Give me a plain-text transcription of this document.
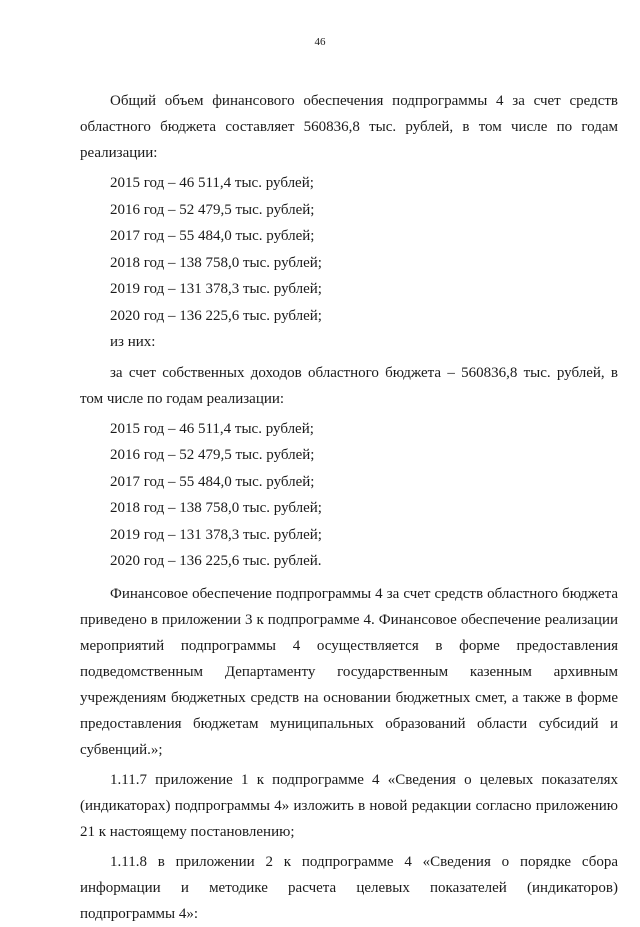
46

Общий объем финансового обеспечения подпрограммы 4 за счет средств областного бюджета составляет 560836,8 тыс. рублей, в том числе по годам реализации:

2015 год – 46 511,4 тыс. рублей;

2016 год – 52 479,5 тыс. рублей;

2017 год – 55 484,0 тыс. рублей;

2018 год – 138 758,0 тыс. рублей;

2019 год – 131 378,3 тыс. рублей;

2020 год – 136 225,6 тыс. рублей;

из них:

за счет собственных доходов областного бюджета – 560836,8 тыс. рублей, в том числе по годам реализации:

2015 год – 46 511,4 тыс. рублей;

2016 год – 52 479,5 тыс. рублей;

2017 год – 55 484,0 тыс. рублей;

2018 год – 138 758,0 тыс. рублей;

2019 год – 131 378,3 тыс. рублей;

2020 год – 136 225,6 тыс. рублей.

Финансовое обеспечение подпрограммы 4 за счет средств областного бюджета приведено в приложении 3 к подпрограмме 4. Финансовое обеспечение реализации мероприятий подпрограммы 4 осуществляется в форме предоставления подведомственным Департаменту государственным казенным архивным учреждениям бюджетных средств на основании бюджетных смет, а также в форме предоставления бюджетам муниципальных образований области субсидий и субвенций.»;

1.11.7 приложение 1 к подпрограмме 4 «Сведения о целевых показателях (индикаторах) подпрограммы 4» изложить в новой редакции согласно приложению 21 к настоящему постановлению;

1.11.8 в приложении 2 к подпрограмме 4 «Сведения о порядке сбора информации и методике расчета целевых показателей (индикаторов) подпрограммы 4»:
